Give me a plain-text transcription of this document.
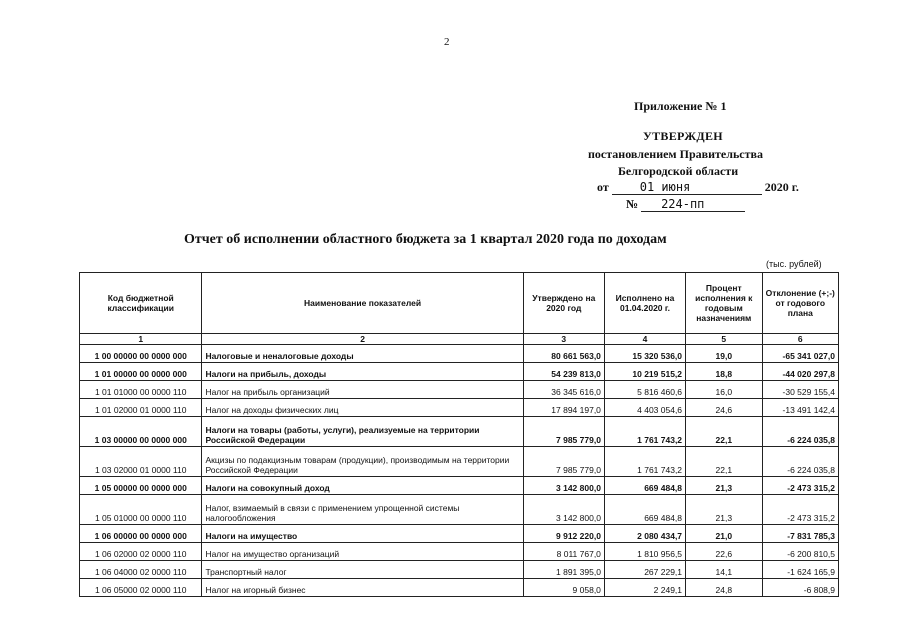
2
Приложение № 1
УТВЕРЖДЕН
постановлением Правительства
Белгородской области
от	01 июня	2020 г.
№ 224-пп
Отчет об исполнении областного бюджета за 1 квартал 2020 года по доходам
(тыс. рублей)
Код бюджетной классификации	Наименование показателей	Утверждено на 2020 год	Исполнено на 01.04.2020 г.	Процент исполнения к годовым назначениям	Отклонение (+;-) от годового плана
1	2	3	4	5	6
1 00 00000 00 0000 000	Налоговые и неналоговые доходы	80 661 563,0	15 320 536,0	19,0	-65 341 027,0
1 01 00000 00 0000 000	Налоги на прибыль, доходы	54 239 813,0	10 219 515,2	18,8	-44 020 297,8
1 01 01000 00 0000 110	Налог на прибыль организаций	36 345 616,0	5 816 460,6	16,0	-30 529 155,4
1 01 02000 01 0000 110	Налог на доходы физических лиц	17 894 197,0	4 403 054,6	24,6	-13 491 142,4
1 03 00000 00 0000 000	Налоги на товары (работы, услуги), реализуемые на территории Российской Федерации	7 985 779,0	1 761 743,2	22,1	-6 224 035,8
1 03 02000 01 0000 110	Акцизы по подакцизным товарам (продукции), производимым на территории Российской Федерации	7 985 779,0	1 761 743,2	22,1	-6 224 035,8
1 05 00000 00 0000 000	Налоги на совокупный доход	3 142 800,0	669 484,8	21,3	-2 473 315,2
1 05 01000 00 0000 110	Налог, взимаемый в связи с применением упрощенной системы налогообложения	3 142 800,0	669 484,8	21,3	-2 473 315,2
1 06 00000 00 0000 000	Налоги на имущество	9 912 220,0	2 080 434,7	21,0	-7 831 785,3
1 06 02000 02 0000 110	Налог на имущество организаций	8 011 767,0	1 810 956,5	22,6	-6 200 810,5
1 06 04000 02 0000 110	Транспортный налог	1 891 395,0	267 229,1	14,1	-1 624 165,9
1 06 05000 02 0000 110	Налог на игорный бизнес	9 058,0	2 249,1	24,8	-6 808,9
